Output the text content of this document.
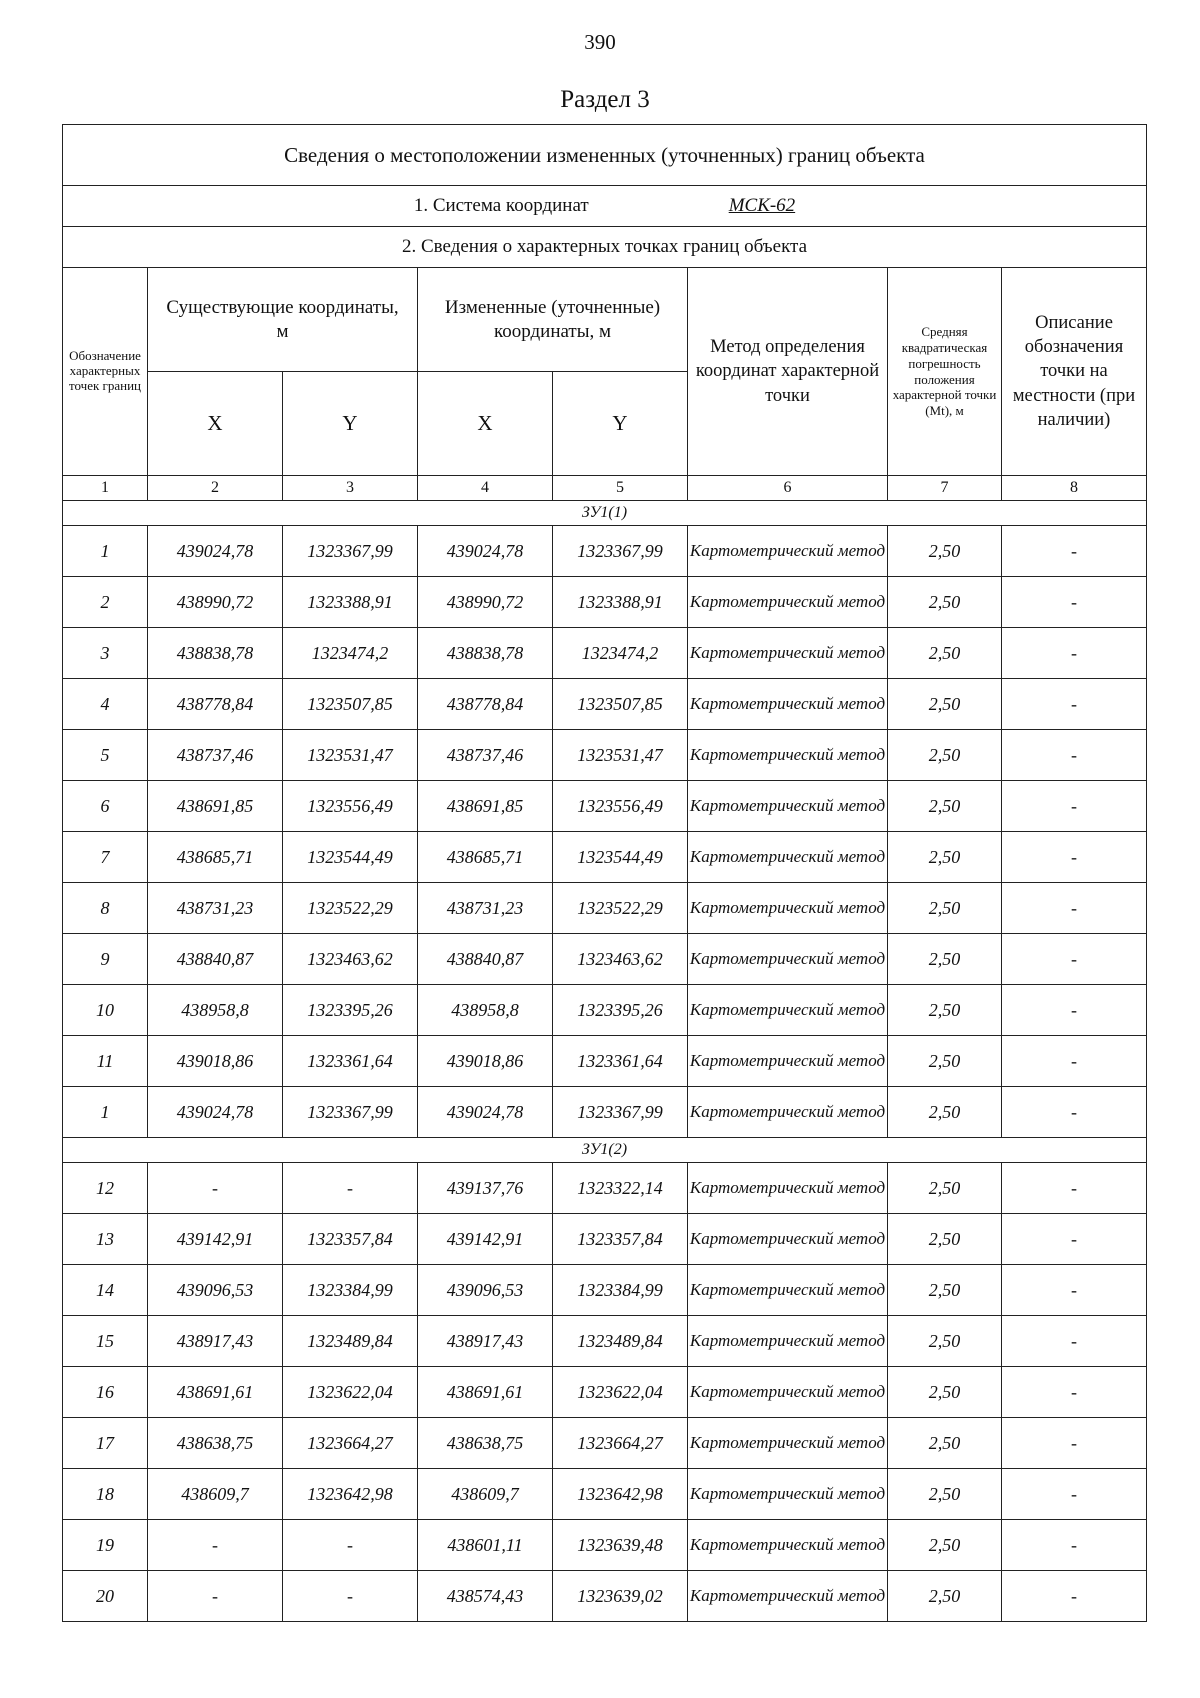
390
Раздел 3
Сведения о местоположении измененных (уточненных) границ объекта							
1. Система координат МСК-62							
2. Сведения о характерных точках границ объекта							

Обозначение характерных точек границ	Существующие координаты, м		Измененные (уточненные) координаты, м		Метод определения координат характерной точки	Средняя квадратическая погрешность положения характерной точки (Mt), м	Описание обозначения точки на местности (при наличии)
	X	Y	X	Y			
1	2	3	4	5	6	7	8
ЗУ1(1)							
1	439024,78	1323367,99	439024,78	1323367,99	Картометрический метод	2,50	-
2	438990,72	1323388,91	438990,72	1323388,91	Картометрический метод	2,50	-
3	438838,78	1323474,2	438838,78	1323474,2	Картометрический метод	2,50	-
4	438778,84	1323507,85	438778,84	1323507,85	Картометрический метод	2,50	-
5	438737,46	1323531,47	438737,46	1323531,47	Картометрический метод	2,50	-
6	438691,85	1323556,49	438691,85	1323556,49	Картометрический метод	2,50	-
7	438685,71	1323544,49	438685,71	1323544,49	Картометрический метод	2,50	-
8	438731,23	1323522,29	438731,23	1323522,29	Картометрический метод	2,50	-
9	438840,87	1323463,62	438840,87	1323463,62	Картометрический метод	2,50	-
10	438958,8	1323395,26	438958,8	1323395,26	Картометрический метод	2,50	-
11	439018,86	1323361,64	439018,86	1323361,64	Картометрический метод	2,50	-
1	439024,78	1323367,99	439024,78	1323367,99	Картометрический метод	2,50	-
ЗУ1(2)							
12	-	-	439137,76	1323322,14	Картометрический метод	2,50	-
13	439142,91	1323357,84	439142,91	1323357,84	Картометрический метод	2,50	-
14	439096,53	1323384,99	439096,53	1323384,99	Картометрический метод	2,50	-
15	438917,43	1323489,84	438917,43	1323489,84	Картометрический метод	2,50	-
16	438691,61	1323622,04	438691,61	1323622,04	Картометрический метод	2,50	-
17	438638,75	1323664,27	438638,75	1323664,27	Картометрический метод	2,50	-
18	438609,7	1323642,98	438609,7	1323642,98	Картометрический метод	2,50	-
19	-	-	438601,11	1323639,48	Картометрический метод	2,50	-
20	-	-	438574,43	1323639,02	Картометрический метод	2,50	-
